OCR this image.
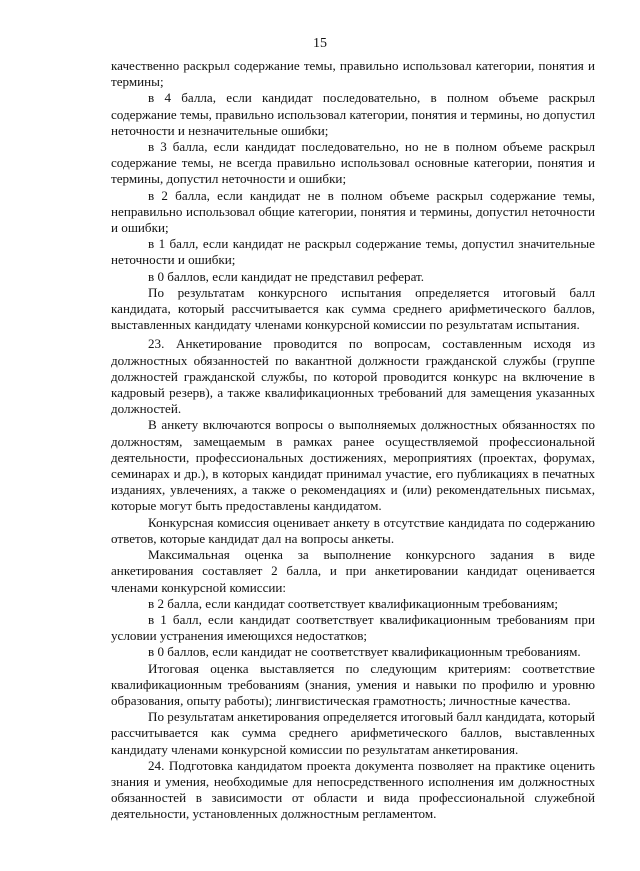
15

качественно раскрыл содержание темы, правильно использовал категории, понятия и термины;

в 4 балла, если кандидат последовательно, в полном объеме раскрыл содержание темы, правильно использовал категории, понятия и термины, но допустил неточности и незначительные ошибки;

в 3 балла, если кандидат последовательно, но не в полном объеме раскрыл содержание темы, не всегда правильно использовал основные категории, понятия и термины, допустил неточности и ошибки;

в 2 балла, если кандидат не в полном объеме раскрыл содержание темы, неправильно использовал общие категории, понятия и термины, допустил неточности и ошибки;

в 1 балл, если кандидат не раскрыл содержание темы, допустил значительные неточности и ошибки;

в 0 баллов, если кандидат не представил реферат.

По результатам конкурсного испытания определяется итоговый балл кандидата, который рассчитывается как сумма среднего арифметического баллов, выставленных кандидату членами конкурсной комиссии по результатам испытания.

23. Анкетирование проводится по вопросам, составленным исходя из должностных обязанностей по вакантной должности гражданской службы (группе должностей гражданской службы, по которой проводится конкурс на включение в кадровый резерв), а также квалификационных требований для замещения указанных должностей.

В анкету включаются вопросы о выполняемых должностных обязанностях по должностям, замещаемым в рамках ранее осуществляемой профессиональной деятельности, профессиональных достижениях, мероприятиях (проектах, форумах, семинарах и др.), в которых кандидат принимал участие, его публикациях в печатных изданиях, увлечениях, а также о рекомендациях и (или) рекомендательных письмах, которые могут быть предоставлены кандидатом.

Конкурсная комиссия оценивает анкету в отсутствие кандидата по содержанию ответов, которые кандидат дал на вопросы анкеты.

Максимальная оценка за выполнение конкурсного задания в виде анкетирования составляет 2 балла, и при анкетировании кандидат оценивается членами конкурсной комиссии:

в 2 балла, если кандидат соответствует квалификационным требованиям;

в 1 балл, если кандидат соответствует квалификационным требованиям при условии устранения имеющихся недостатков;

в 0 баллов, если кандидат не соответствует квалификационным требованиям.

Итоговая оценка выставляется по следующим критериям: соответствие квалификационным требованиям (знания, умения и навыки по профилю и уровню образования, опыту работы); лингвистическая грамотность; личностные качества.

По результатам анкетирования определяется итоговый балл кандидата, который рассчитывается как сумма среднего арифметического баллов, выставленных кандидату членами конкурсной комиссии по результатам анкетирования.

24. Подготовка кандидатом проекта документа позволяет на практике оценить знания и умения, необходимые для непосредственного исполнения им должностных обязанностей в зависимости от области и вида профессиональной служебной деятельности, установленных должностным регламентом.
